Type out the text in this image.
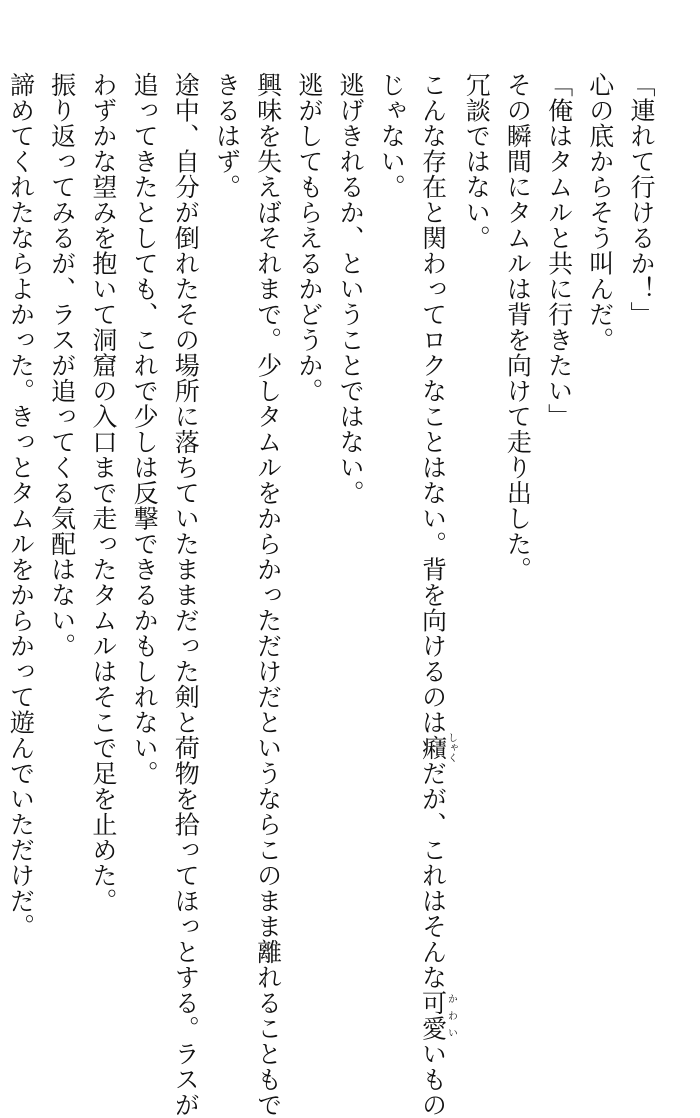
「連れて行けるか！」
心の底からそう叫んだ。
「俺はタムルと共に行きたい」
その瞬間にタムルは背を向けて走り出した。
冗談ではない。
こんな存在と関わってロクなことはない。背を向けるのは癪しゃくだが、これはそんな可愛かわいいもの
じゃない。
逃げきれるか、ということではない。
逃がしてもらえるかどうか。
興味を失えばそれまで。少しタムルをからかっただけだというならこのまま離れることもで
きるはず。
途中、自分が倒れたその場所に落ちていたままだった剣と荷物を拾ってほっとする。ラスが
追ってきたとしても、これで少しは反撃できるかもしれない。
わずかな望みを抱いて洞窟の入口まで走ったタムルはそこで足を止めた。
振り返ってみるが、ラスが追ってくる気配はない。
諦めてくれたならよかった。きっとタムルをからかって遊んでいただけだ。
